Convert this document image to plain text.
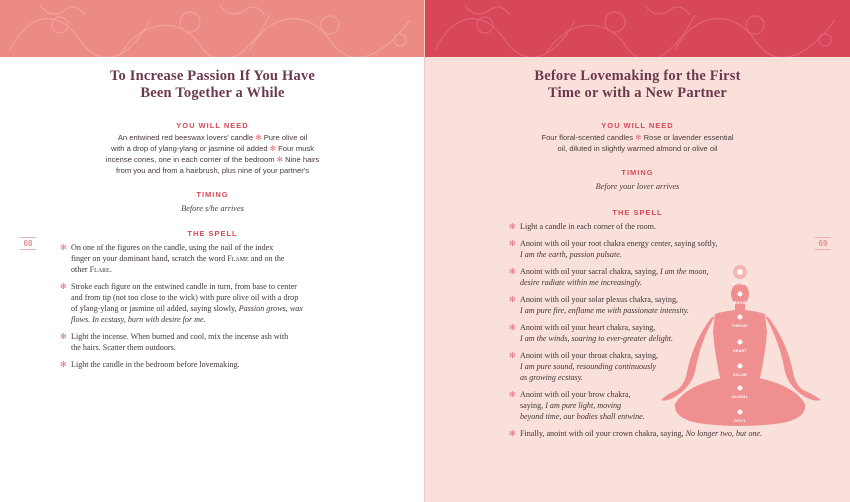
To Increase Passion If You Have
Been Together a While
YOU WILL NEED
An entwined red beeswax lovers' candle ✻ Pure olive oil
with a drop of ylang-ylang or jasmine oil added ✻ Four musk
incense cones, one in each corner of the bedroom ✻ Nine hairs
from you and from a hairbrush, plus nine of your partner's
TIMING
Before s/he arrives
THE SPELL
68	✻ On one of the figures on the candle, using the nail of the index
finger on your dominant hand, scratch the word Flame and on the
other Flare.
✻ Stroke each figure on the entwined candle in turn, from base to center
and from tip (not too close to the wick) with pure olive oil with a drop
of ylang-ylang or jasmine oil added, saying slowly, Passion grows, wax
flows. In ecstasy, burn with desire for me.
✻ Light the incense. When burned and cool, mix the incense ash with
the hairs. Scatter them outdoors.
✻ Light the candle in the bedroom before lovemaking.
Before Lovemaking for the First
Time or with a New Partner
YOU WILL NEED
Four floral-scented candles ✻ Rose or lavender essential
oil, diluted in slightly warmed almond or olive oil
TIMING
Before your lover arrives
THE SPELL
69
✻ Light a candle in each corner of the room.
✻ Anoint with oil your root chakra energy center, saying softly,
I am the earth, passion pulsate.
✻ Anoint with oil your sacral chakra, saying, I am the moon,
desire radiate within me increasingly.
✻ Anoint with oil your solar plexus chakra, saying,
I am pure fire, enflame me with passionate intensity.
✻ Anoint with oil your heart chakra, saying,
I am the winds, soaring to ever-greater delight.
✻ Anoint with oil your throat chakra, saying,
I am pure sound, resounding continuously
as growing ecstasy.
✻ Anoint with oil your brow chakra,
saying, I am pure light, moving
beyond time, our bodies shall entwine.
✻ Finally, anoint with oil your crown chakra, saying, No longer two, but one.
CROWN
BROW
THROAT
HEART
SOLAR
SACRAL
ROOT
